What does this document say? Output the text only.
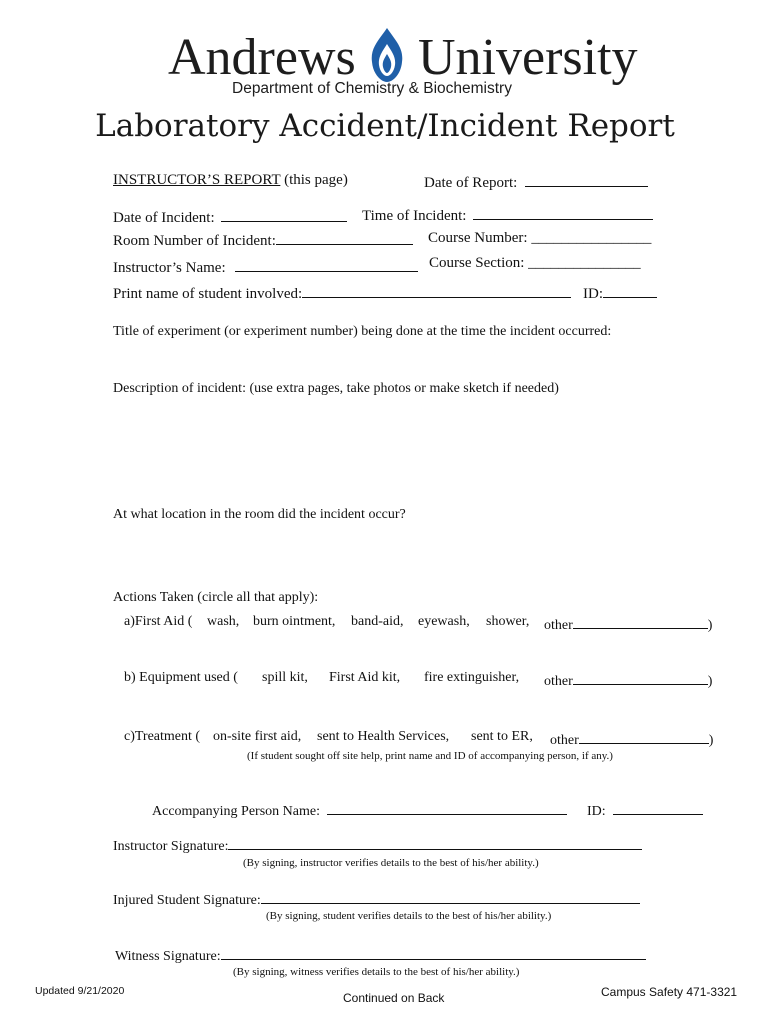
Andrews University
Department of Chemistry & Biochemistry
Laboratory Accident/Incident Report
INSTRUCTOR’S REPORT (this page)	Date of Report:
Date of Incident:	Time of Incident:
Room Number of Incident:	Course Number: ________________
Instructor’s Name:	Course Section: _______________
Print name of student involved:	ID:
Title of experiment (or experiment number) being done at the time the incident occurred:
Description of incident: (use extra pages, take photos or make sketch if needed)
At what location in the room did the incident occur?
Actions Taken (circle all that apply):
a)First Aid ( wash, burn ointment, band-aid, eyewash, shower, other	)
b) Equipment used ( spill kit, First Aid kit, fire extinguisher, other	)
c)Treatment ( on-site first aid, sent to Health Services, sent to ER, other	)
(If student sought off site help, print name and ID of accompanying person, if any.)
Accompanying Person Name:	ID:
Instructor Signature:
(By signing, instructor verifies details to the best of his/her ability.)
Injured Student Signature:
(By signing, student verifies details to the best of his/her ability.)
Witness Signature:
(By signing, witness verifies details to the best of his/her ability.)
Updated 9/21/2020	Continued on Back	Campus Safety 471-3321
